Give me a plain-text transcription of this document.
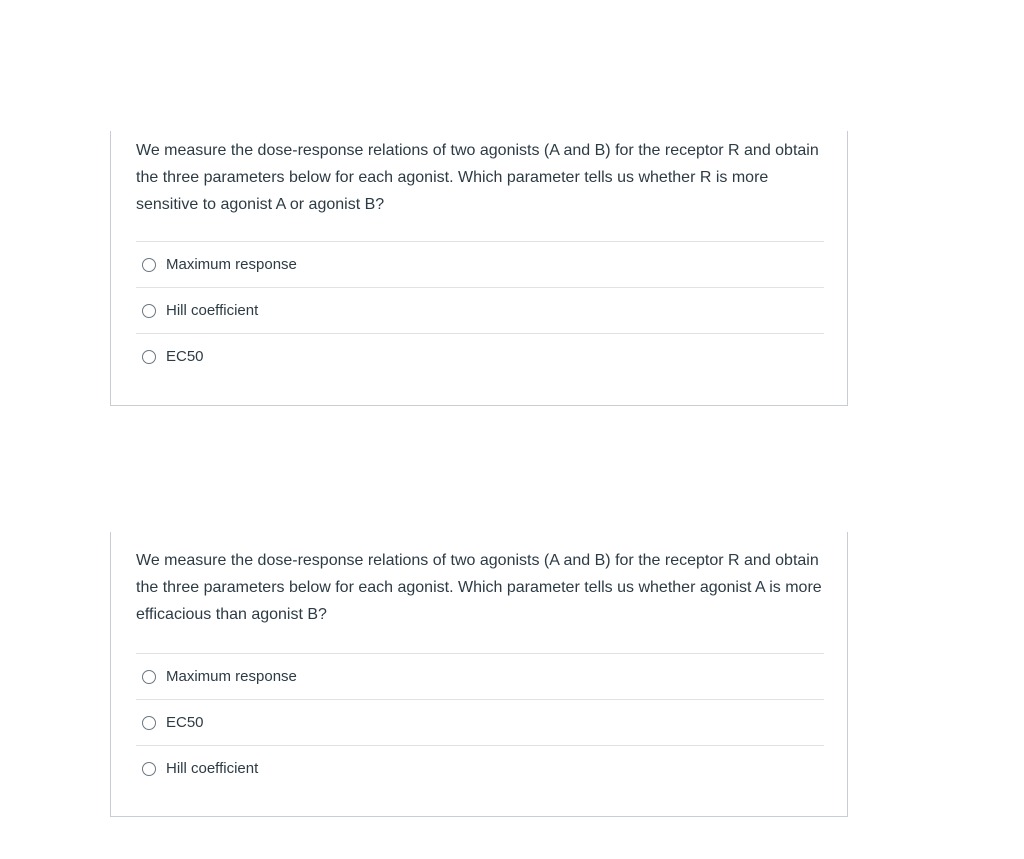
We measure the dose-response relations of two agonists (A and B) for the receptor R and obtain the three parameters below for each agonist. Which parameter tells us whether R is more sensitive to agonist A or agonist B?

Maximum response
Hill coefficient
EC50

We measure the dose-response relations of two agonists (A and B) for the receptor R and obtain the three parameters below for each agonist. Which parameter tells us whether agonist A is more efficacious than agonist B?

Maximum response
EC50
Hill coefficient
